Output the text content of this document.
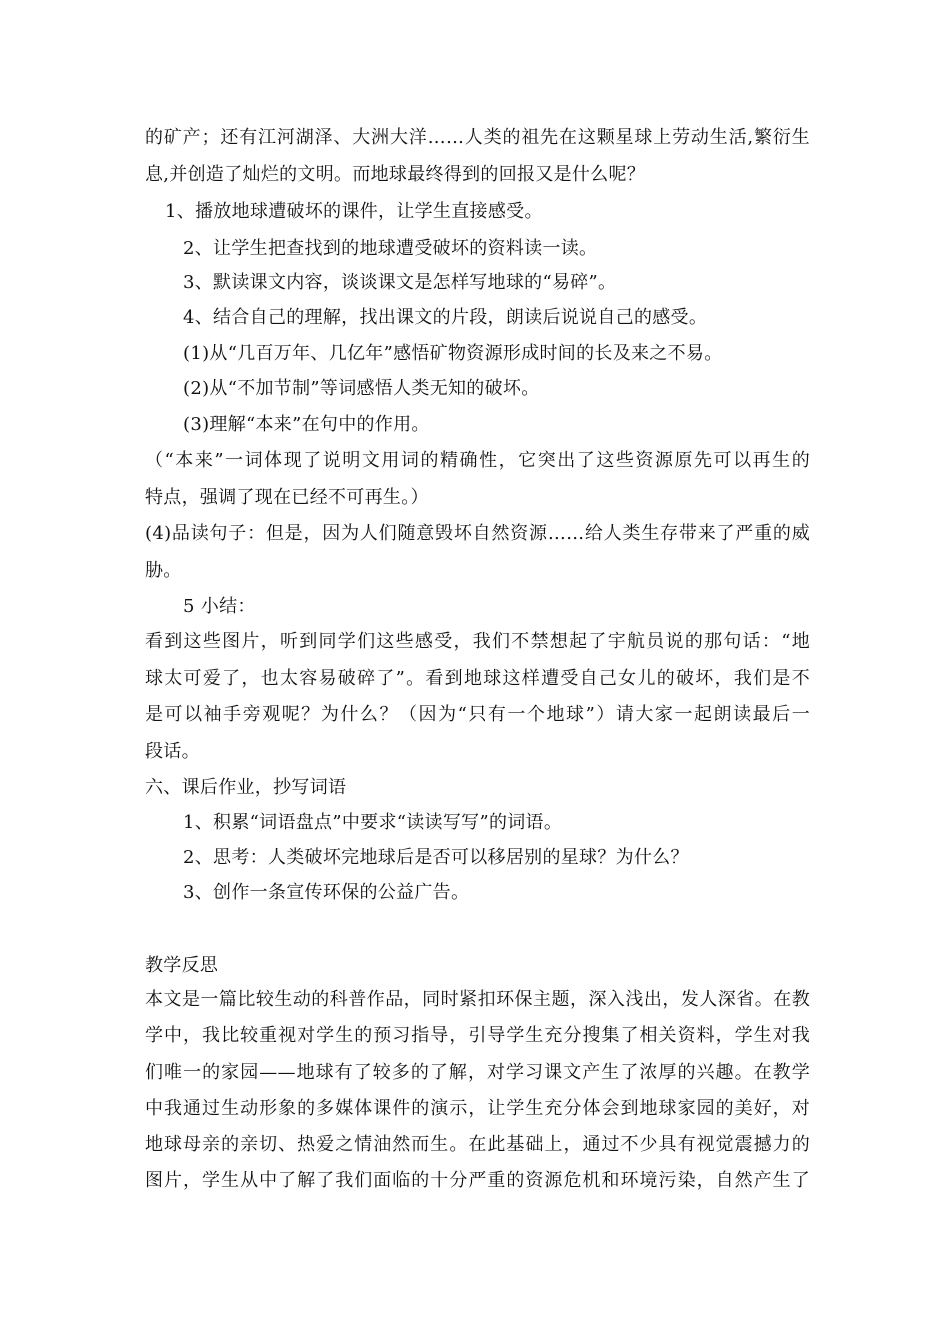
的矿产；还有江河湖泽、大洲大洋……人类的祖先在这颗星球上劳动生活,繁衍生
息,并创造了灿烂的文明。而地球最终得到的回报又是什么呢？
1、播放地球遭破坏的课件，让学生直接感受。
2、让学生把查找到的地球遭受破坏的资料读一读。
3、默读课文内容，谈谈课文是怎样写地球的“易碎”。
4、结合自己的理解，找出课文的片段，朗读后说说自己的感受。
(1)从“几百万年、几亿年”感悟矿物资源形成时间的长及来之不易。
(2)从“不加节制”等词感悟人类无知的破坏。
(3)理解“本来”在句中的作用。
（“本来”一词体现了说明文用词的精确性，它突出了这些资源原先可以再生的
特点，强调了现在已经不可再生。）
(4)品读句子：但是，因为人们随意毁坏自然资源……给人类生存带来了严重的威
胁。
5 小结：
看到这些图片，听到同学们这些感受，我们不禁想起了宇航员说的那句话：“地
球太可爱了，也太容易破碎了”。看到地球这样遭受自己女儿的破坏，我们是不
是可以袖手旁观呢？为什么？（因为“只有一个地球”）请大家一起朗读最后一
段话。
六、课后作业，抄写词语
1、积累“词语盘点”中要求“读读写写”的词语。
2、思考：人类破坏完地球后是否可以移居别的星球？为什么？
3、创作一条宣传环保的公益广告。
教学反思
本文是一篇比较生动的科普作品，同时紧扣环保主题，深入浅出，发人深省。在教
学中，我比较重视对学生的预习指导，引导学生充分搜集了相关资料，学生对我
们唯一的家园——地球有了较多的了解，对学习课文产生了浓厚的兴趣。在教学
中我通过生动形象的多媒体课件的演示，让学生充分体会到地球家园的美好，对
地球母亲的亲切、热爱之情油然而生。在此基础上，通过不少具有视觉震撼力的
图片，学生从中了解了我们面临的十分严重的资源危机和环境污染，自然产生了
